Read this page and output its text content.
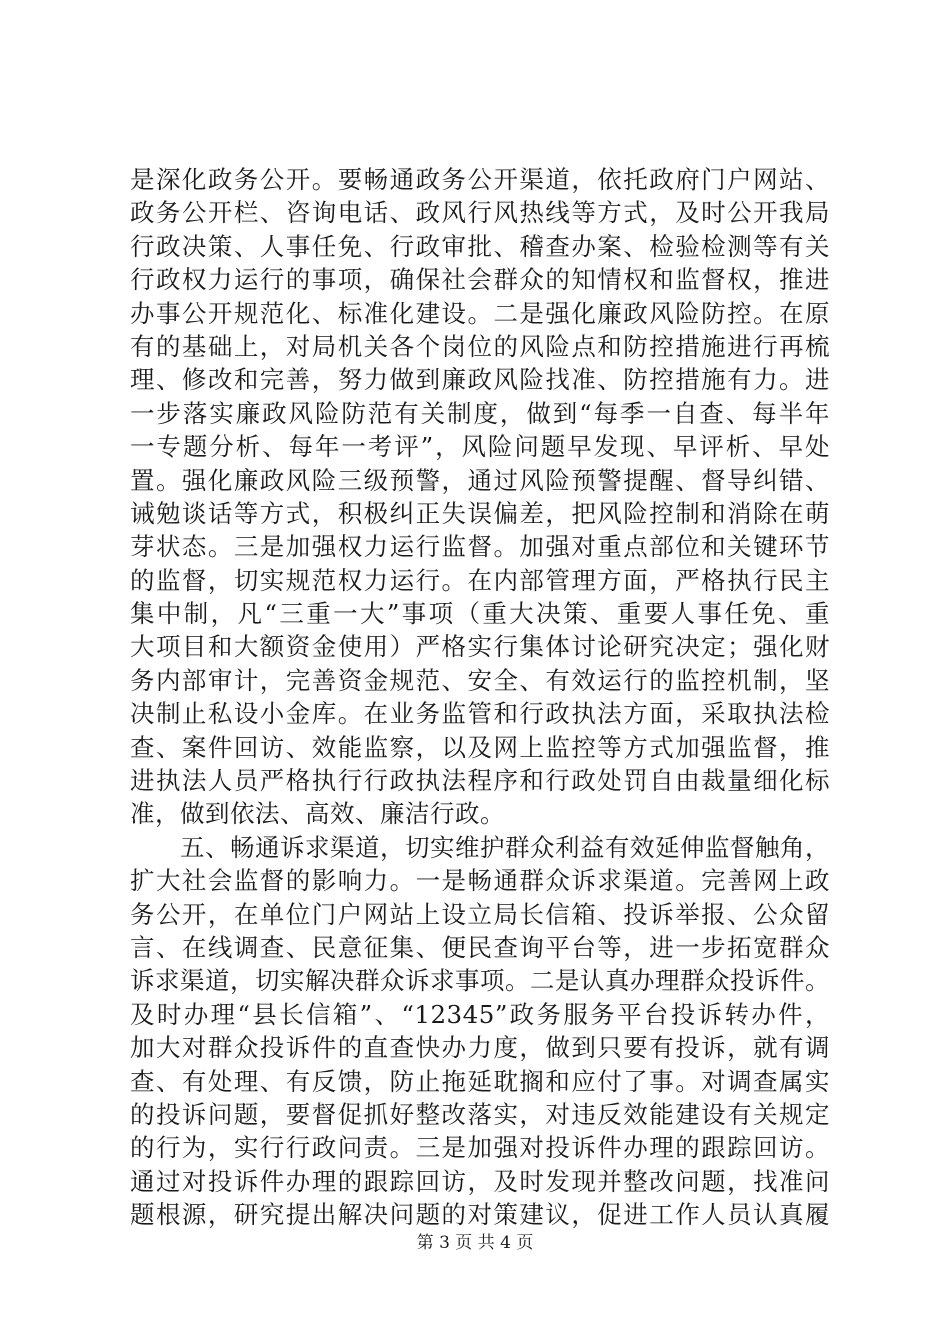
是深化政务公开。要畅通政务公开渠道，依托政府门户网站、
政务公开栏、咨询电话、政风行风热线等方式，及时公开我局
行政决策、人事任免、行政审批、稽查办案、检验检测等有关
行政权力运行的事项，确保社会群众的知情权和监督权，推进
办事公开规范化、标准化建设。二是强化廉政风险防控。在原
有的基础上，对局机关各个岗位的风险点和防控措施进行再梳
理、修改和完善，努力做到廉政风险找准、防控措施有力。进
一步落实廉政风险防范有关制度，做到“每季一自查、每半年
一专题分析、每年一考评”，风险问题早发现、早评析、早处
置。强化廉政风险三级预警，通过风险预警提醒、督导纠错、
诫勉谈话等方式，积极纠正失误偏差，把风险控制和消除在萌
芽状态。三是加强权力运行监督。加强对重点部位和关键环节
的监督，切实规范权力运行。在内部管理方面，严格执行民主
集中制，凡“三重一大”事项（重大决策、重要人事任免、重
大项目和大额资金使用）严格实行集体讨论研究决定；强化财
务内部审计，完善资金规范、安全、有效运行的监控机制，坚
决制止私设小金库。在业务监管和行政执法方面，采取执法检
查、案件回访、效能监察，以及网上监控等方式加强监督，推
进执法人员严格执行行政执法程序和行政处罚自由裁量细化标
准，做到依法、高效、廉洁行政。
　　五、畅通诉求渠道，切实维护群众利益有效延伸监督触角，
扩大社会监督的影响力。一是畅通群众诉求渠道。完善网上政
务公开，在单位门户网站上设立局长信箱、投诉举报、公众留
言、在线调查、民意征集、便民查询平台等，进一步拓宽群众
诉求渠道，切实解决群众诉求事项。二是认真办理群众投诉件。
及时办理“县长信箱”、“12345”政务服务平台投诉转办件，
加大对群众投诉件的直查快办力度，做到只要有投诉，就有调
查、有处理、有反馈，防止拖延耽搁和应付了事。对调查属实
的投诉问题，要督促抓好整改落实，对违反效能建设有关规定
的行为，实行行政问责。三是加强对投诉件办理的跟踪回访。
通过对投诉件办理的跟踪回访，及时发现并整改问题，找准问
题根源，研究提出解决问题的对策建议，促进工作人员认真履
第 3 页 共 4 页
